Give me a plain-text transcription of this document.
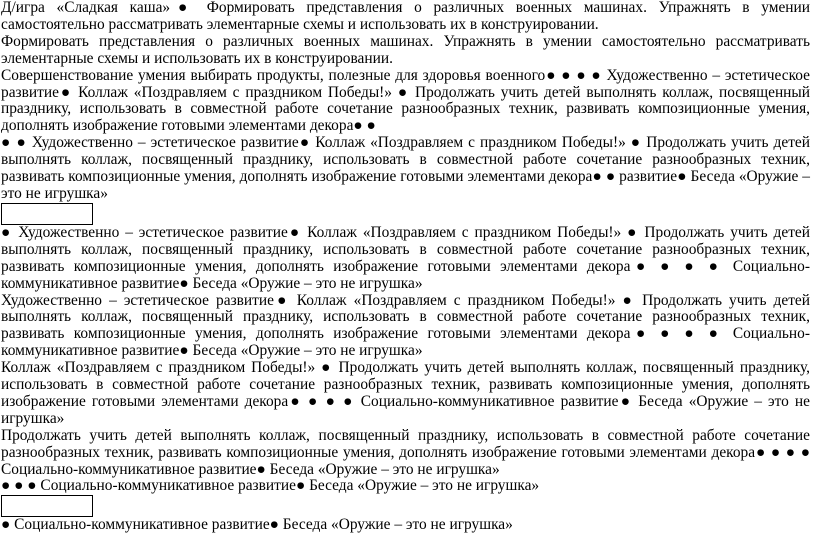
Д/игра «Сладкая каша»● Формировать представления о различных военных машинах. Упражнять в умении самостоятельно рассматривать элементарные схемы и использовать их в конструировании.

Формировать представления о различных военных машинах. Упражнять в умении самостоятельно рассматривать элементарные схемы и использовать их в конструировании.

Совершенствование умения выбирать продукты, полезные для здоровья военного● ● ● ● Художественно – эстетическое развитие● Коллаж «Поздравляем с праздником Победы!» ● Продолжать учить детей выполнять коллаж, посвященный празднику, использовать в совместной работе сочетание разнообразных техник, развивать композиционные умения, дополнять изображение готовыми элементами декора● ●

● ● Художественно – эстетическое развитие● Коллаж «Поздравляем с праздником Победы!» ● Продолжать учить детей выполнять коллаж, посвященный празднику, использовать в совместной работе сочетание разнообразных техник, развивать композиционные умения, дополнять изображение готовыми элементами декора● ● развитие● Беседа «Оружие – это не игрушка»

● Художественно – эстетическое развитие● Коллаж «Поздравляем с праздником Победы!» ● Продолжать учить детей выполнять коллаж, посвященный празднику, использовать в совместной работе сочетание разнообразных техник, развивать композиционные умения, дополнять изображение готовыми элементами декора● ● ● ● Социально-коммуникативное развитие● Беседа «Оружие – это не игрушка»

Художественно – эстетическое развитие● Коллаж «Поздравляем с праздником Победы!» ● Продолжать учить детей выполнять коллаж, посвященный празднику, использовать в совместной работе сочетание разнообразных техник, развивать композиционные умения, дополнять изображение готовыми элементами декора● ● ● ● Социально-коммуникативное развитие● Беседа «Оружие – это не игрушка»

Коллаж «Поздравляем с праздником Победы!» ● Продолжать учить детей выполнять коллаж, посвященный празднику, использовать в совместной работе сочетание разнообразных техник, развивать композиционные умения, дополнять изображение готовыми элементами декора● ● ● ● Социально-коммуникативное развитие● Беседа «Оружие – это не игрушка»

Продолжать учить детей выполнять коллаж, посвященный празднику, использовать в совместной работе сочетание разнообразных техник, развивать композиционные умения, дополнять изображение готовыми элементами декора● ● ● ● Социально-коммуникативное развитие● Беседа «Оружие – это не игрушка»

● ● ● Социально-коммуникативное развитие● Беседа «Оружие – это не игрушка»

● Социально-коммуникативное развитие● Беседа «Оружие – это не игрушка»
